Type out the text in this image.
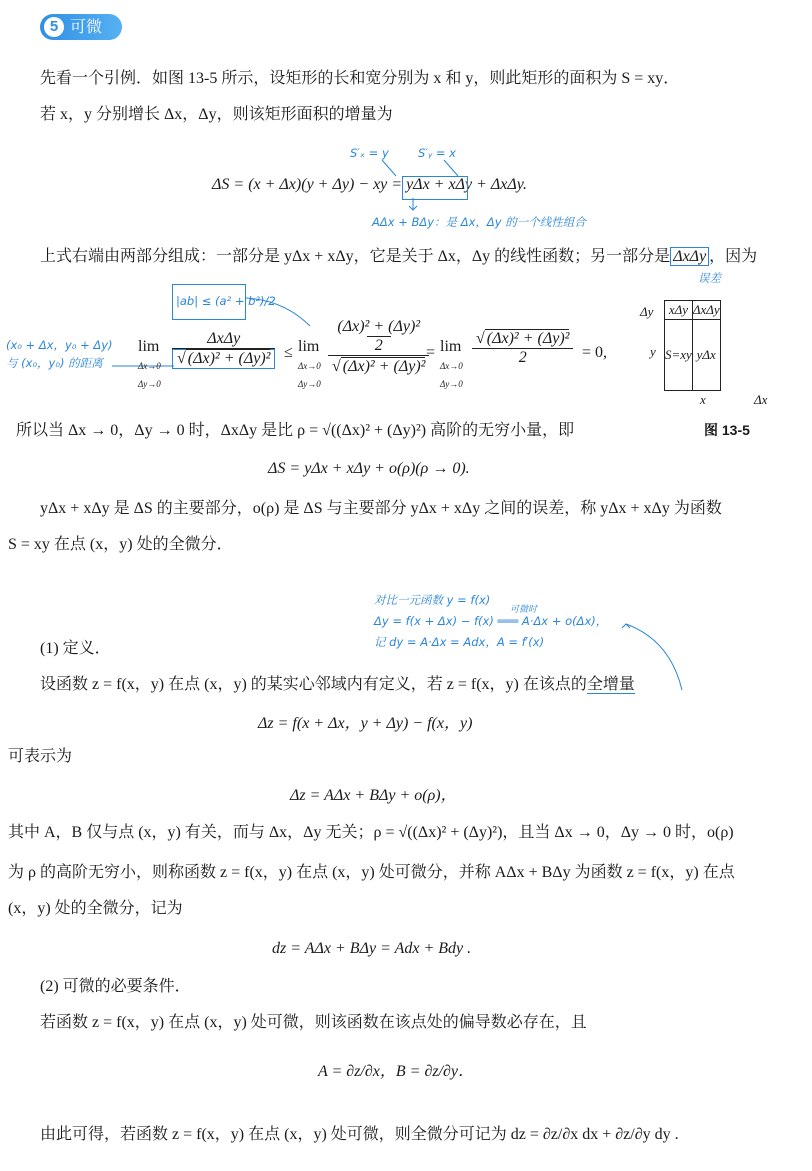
5 可微
先看一个引例．如图 13-5 所示，设矩形的长和宽分别为 x 和 y，则此矩形的面积为 S = xy．
若 x，y 分别增长 Δx，Δy，则该矩形面积的增量为
S′ₓ = y	S′ᵧ = x
ΔS = (x + Δx)(y + Δy) − xy = yΔx + xΔy + ΔxΔy.
AΔx + BΔy：是 Δx，Δy 的一个线性组合
上式右端由两部分组成：一部分是 yΔx + xΔy，它是关于 Δx，Δy 的线性函数；另一部分是 ΔxΔy ，因为
误差
|ab| ≤ (a² + b²)/2
(x₀ + Δx，y₀ + Δy) 与 (x₀，y₀) 的距离
lim
Δx→0
Δy→0
ΔxΔy
√ (Δx)² + (Δy)² ≤ lim
Δx→0
Δy→0
(Δx)² + (Δy)²
2
√ (Δx)² + (Δy)²
= lim
Δx→0
Δy→0
√ (Δx)² + (Δy)²
2	= 0,
Δy
y
xΔy	ΔxΔy
S=xy	yΔx
x	Δx
图 13-5
所以当 Δx → 0，Δy → 0 时，ΔxΔy 是比 ρ = √((Δx)² + (Δy)²) 高阶的无穷小量，即
ΔS = yΔx + xΔy + o(ρ)(ρ → 0).
yΔx + xΔy 是 ΔS 的主要部分，o(ρ) 是 ΔS 与主要部分 yΔx + xΔy 之间的误差，称 yΔx + xΔy 为函数
S = xy 在点 (x，y) 处的全微分．
对比一元函数 y = f(x)
可微时
Δy = f(x + Δx) − f(x) ═══ A·Δx + o(Δx)，
记 dy = A·Δx = Adx，A = f′(x)
(1) 定义．
设函数 z = f(x，y) 在点 (x，y) 的某实心邻域内有定义，若 z = f(x，y) 在该点的全增量
Δz = f(x + Δx，y + Δy) − f(x，y)
可表示为
Δz = AΔx + BΔy + o(ρ)，
其中 A，B 仅与点 (x，y) 有关，而与 Δx，Δy 无关；ρ = √((Δx)² + (Δy)²)，且当 Δx → 0，Δy → 0 时，o(ρ)
为 ρ 的高阶无穷小，则称函数 z = f(x，y) 在点 (x，y) 处可微分，并称 AΔx + BΔy 为函数 z = f(x，y) 在点
(x，y) 处的全微分，记为
dz = AΔx + BΔy = Adx + Bdy .
(2) 可微的必要条件．
若函数 z = f(x，y) 在点 (x，y) 处可微，则该函数在该点处的偏导数必存在，且
A = ∂z/∂x，B = ∂z/∂y．
由此可得，若函数 z = f(x，y) 在点 (x，y) 处可微，则全微分可记为 dz = ∂z/∂x dx + ∂z/∂y dy .
